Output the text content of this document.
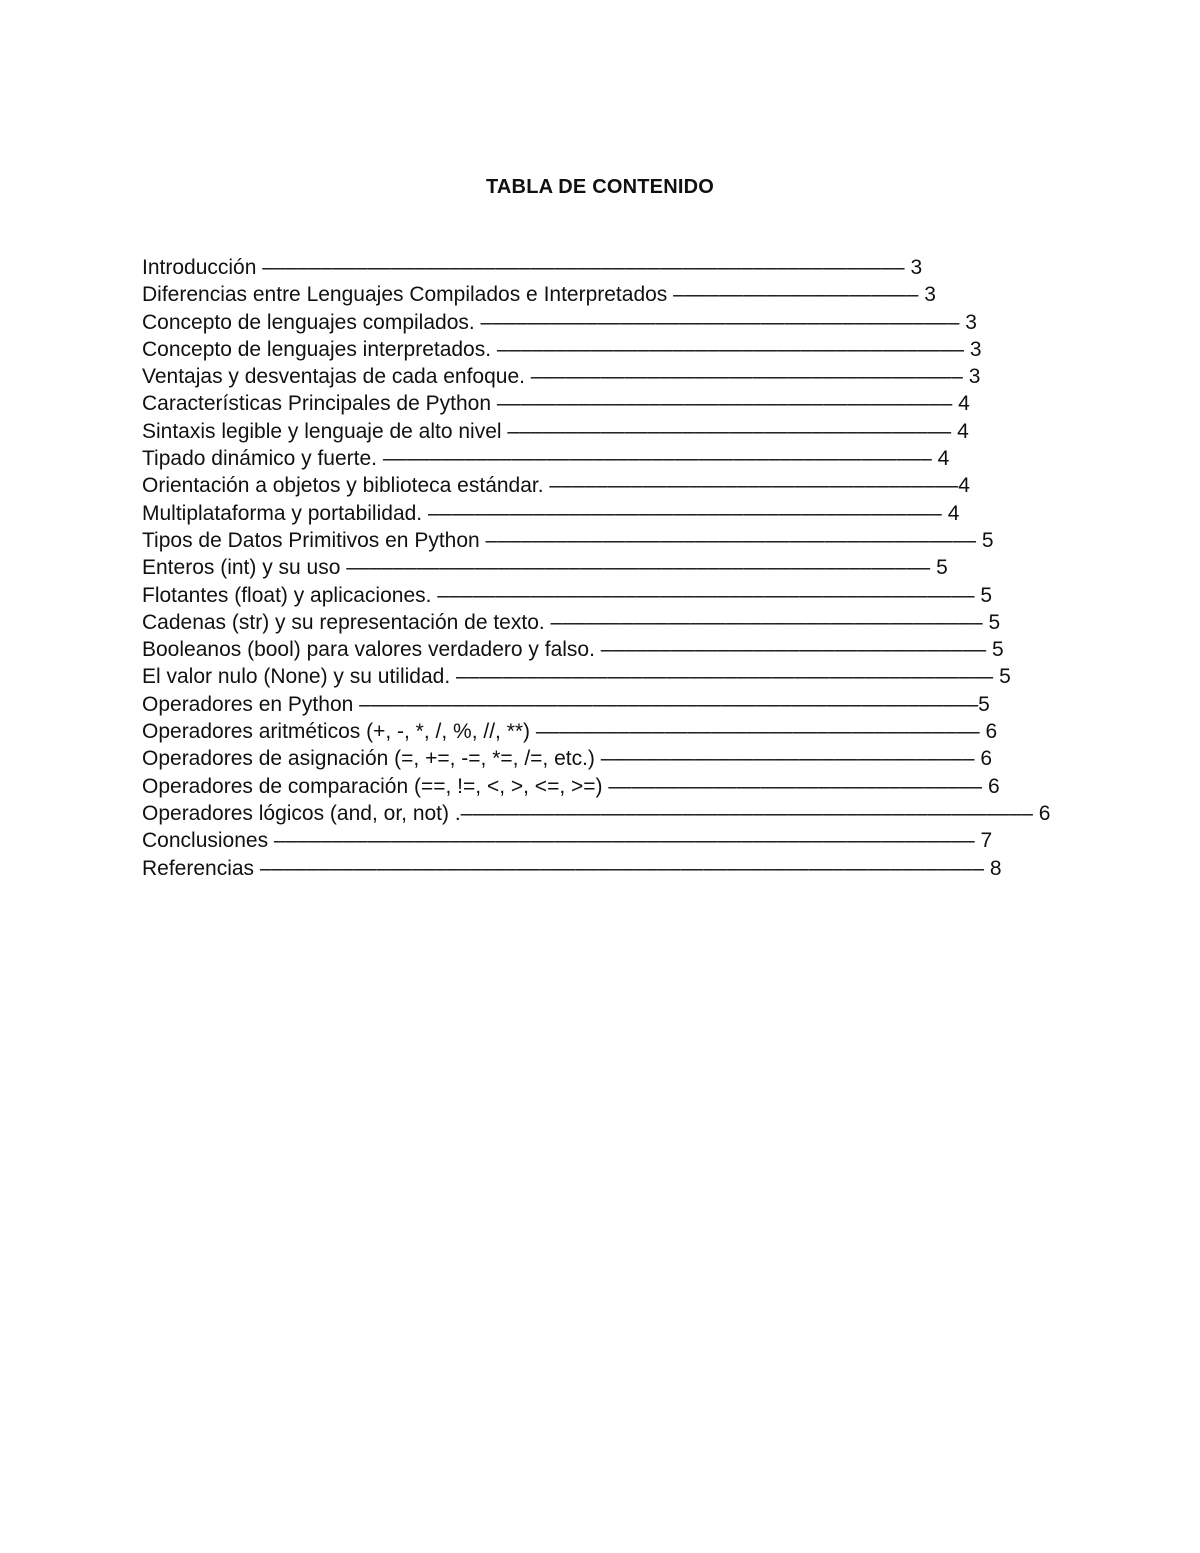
TABLA DE CONTENIDO
Introducción ––––––––––––––––––––––––––––––––––––––––––––––––––––––– 3
Diferencias entre Lenguajes Compilados e Interpretados ––––––––––––––––––––– 3
Concepto de lenguajes compilados. ––––––––––––––––––––––––––––––––––––––––– 3
Concepto de lenguajes interpretados. –––––––––––––––––––––––––––––––––––––––– 3
Ventajas y desventajas de cada enfoque. ––––––––––––––––––––––––––––––––––––– 3
Características Principales de Python ––––––––––––––––––––––––––––––––––––––– 4
Sintaxis legible y lenguaje de alto nivel –––––––––––––––––––––––––––––––––––––– 4
Tipado dinámico y fuerte. ––––––––––––––––––––––––––––––––––––––––––––––– 4
Orientación a objetos y biblioteca estándar. –––––––––––––––––––––––––––––––––––4
Multiplataforma y portabilidad. –––––––––––––––––––––––––––––––––––––––––––– 4
Tipos de Datos Primitivos en Python –––––––––––––––––––––––––––––––––––––––––– 5
Enteros (int) y su uso –––––––––––––––––––––––––––––––––––––––––––––––––– 5
Flotantes (float) y aplicaciones. –––––––––––––––––––––––––––––––––––––––––––––– 5
Cadenas (str) y su representación de texto. ––––––––––––––––––––––––––––––––––––– 5
Booleanos (bool) para valores verdadero y falso. ––––––––––––––––––––––––––––––––– 5
El valor nulo (None) y su utilidad. –––––––––––––––––––––––––––––––––––––––––––––– 5
Operadores en Python –––––––––––––––––––––––––––––––––––––––––––––––––––––5
Operadores aritméticos (+, -, *, /, %, //, **) –––––––––––––––––––––––––––––––––––––– 6
Operadores de asignación (=, +=, -=, *=, /=, etc.) –––––––––––––––––––––––––––––––– 6
Operadores de comparación (==, !=, <, >, <=, >=) –––––––––––––––––––––––––––––––– 6
Operadores lógicos (and, or, not) .––––––––––––––––––––––––––––––––––––––––––––––––– 6
Conclusiones –––––––––––––––––––––––––––––––––––––––––––––––––––––––––––– 7
Referencias –––––––––––––––––––––––––––––––––––––––––––––––––––––––––––––– 8
